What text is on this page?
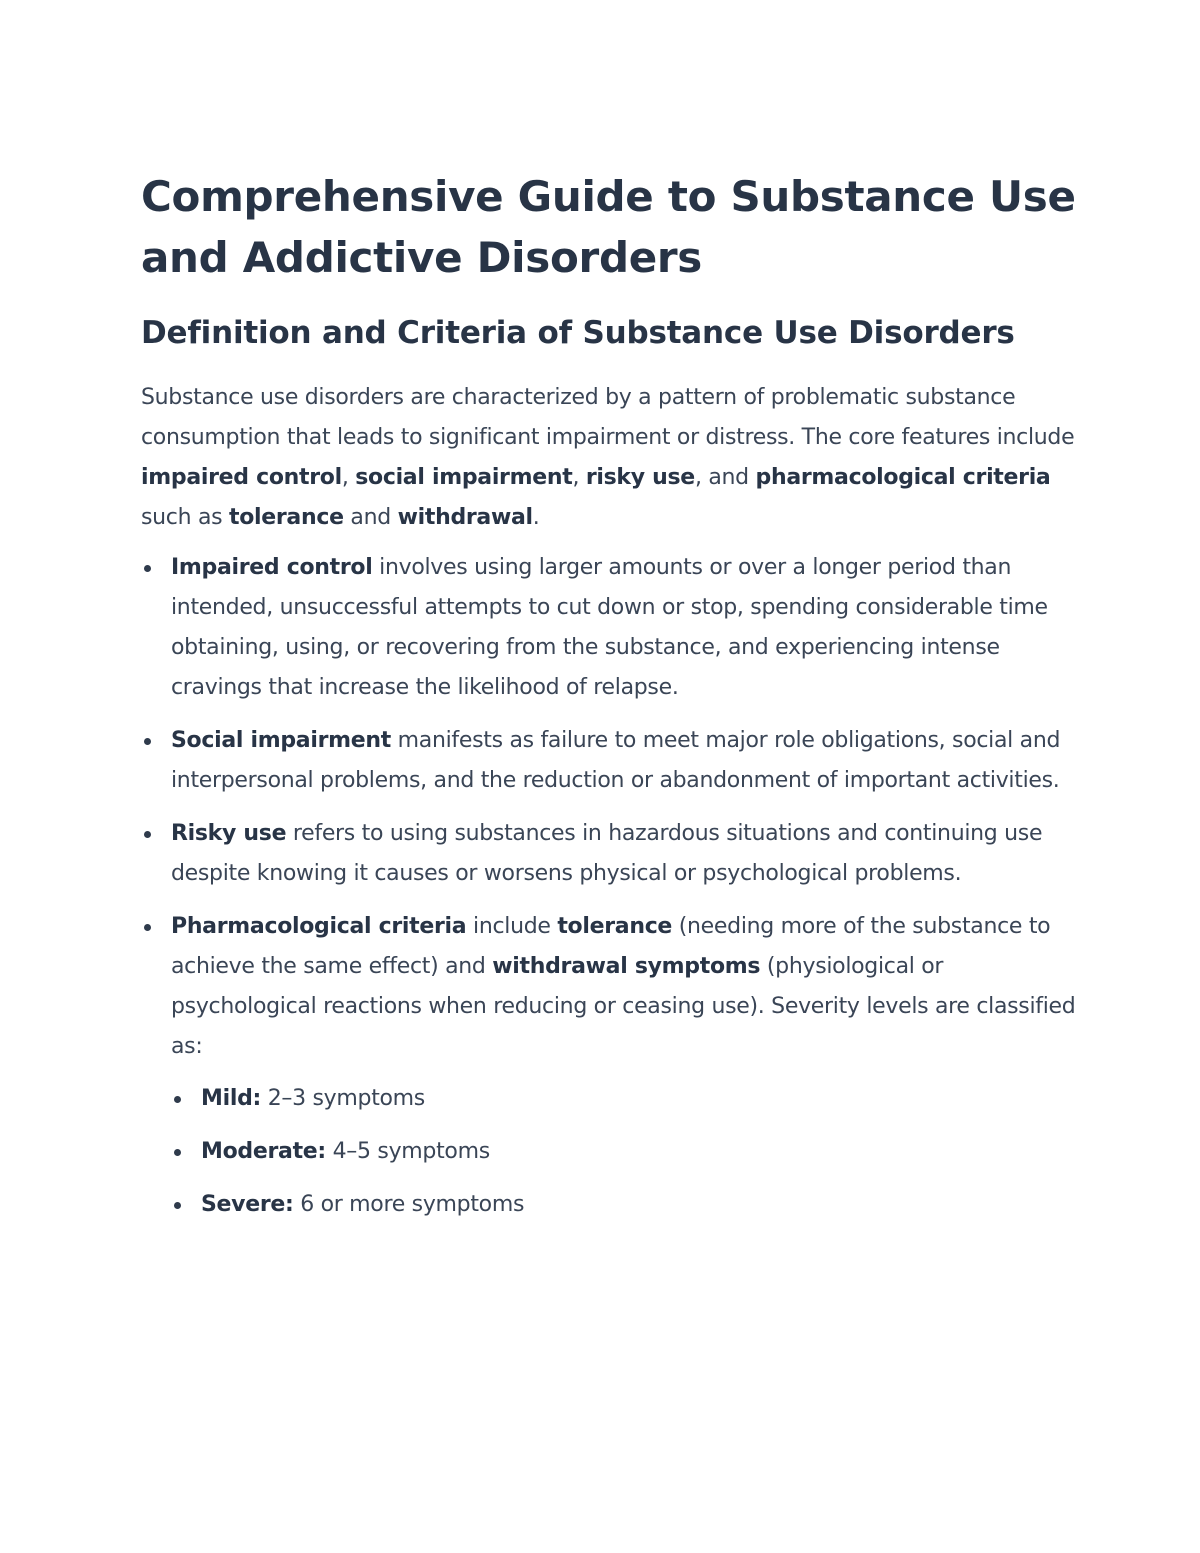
Comprehensive Guide to Substance Use and Addictive Disorders
Definition and Criteria of Substance Use Disorders

Substance use disorders are characterized by a pattern of problematic substance consumption that leads to significant impairment or distress. The core features include impaired control, social impairment, risky use, and pharmacological criteria such as tolerance and withdrawal.

Impaired control involves using larger amounts or over a longer period than intended, unsuccessful attempts to cut down or stop, spending considerable time obtaining, using, or recovering from the substance, and experiencing intense cravings that increase the likelihood of relapse.
Social impairment manifests as failure to meet major role obligations, social and interpersonal problems, and the reduction or abandonment of important activities.
Risky use refers to using substances in hazardous situations and continuing use despite knowing it causes or worsens physical or psychological problems.
Pharmacological criteria include tolerance (needing more of the substance to achieve the same effect) and withdrawal symptoms (physiological or psychological reactions when reducing or ceasing use). Severity levels are classified as:
Mild: 2–3 symptoms
Moderate: 4–5 symptoms
Severe: 6 or more symptoms
